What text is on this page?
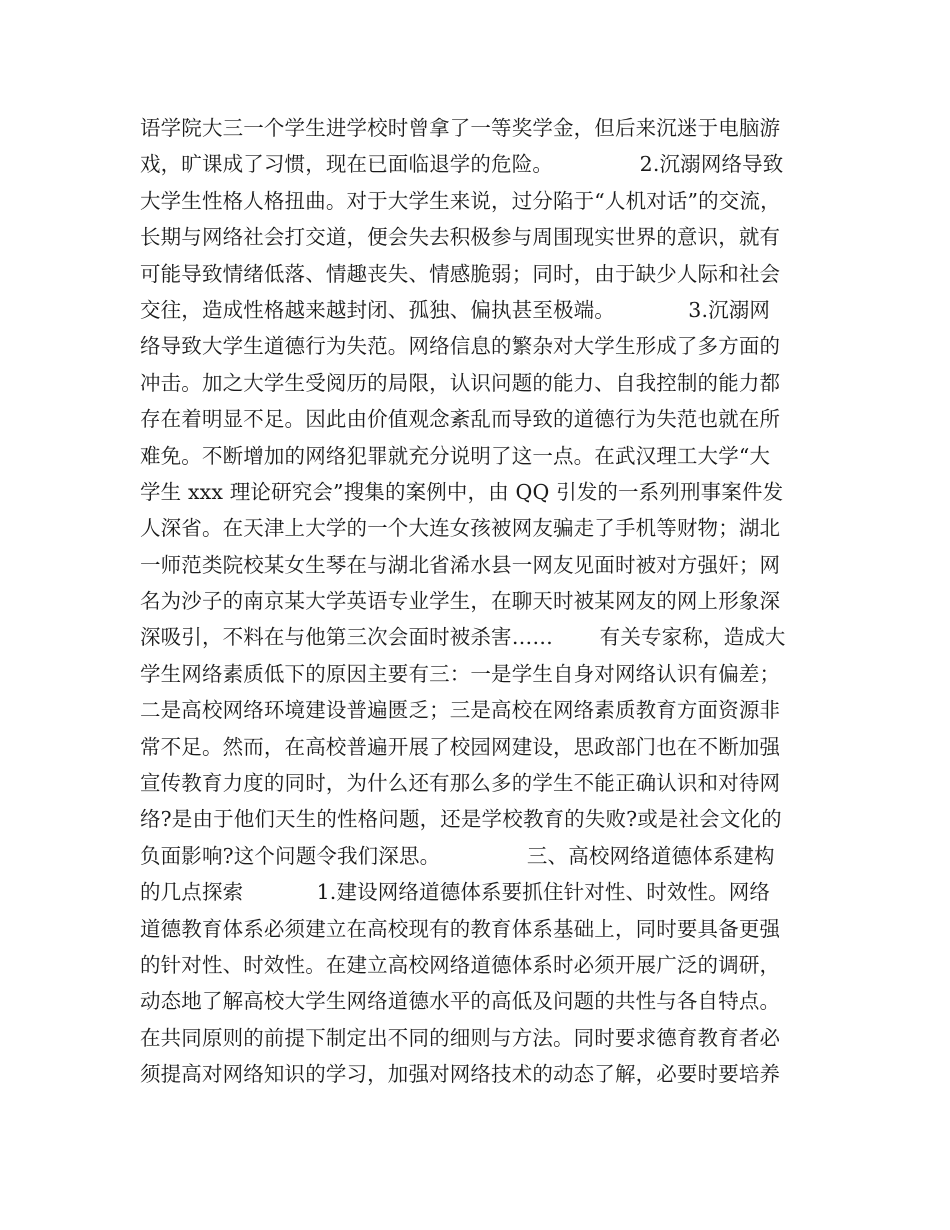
语学院大三一个学生进学校时曾拿了一等奖学金，但后来沉迷于电脑游
戏，旷课成了习惯，现在已面临退学的危险。             2.沉溺网络导致
大学生性格人格扭曲。对于大学生来说，过分陷于“人机对话”的交流，
长期与网络社会打交道，便会失去积极参与周围现实世界的意识，就有
可能导致情绪低落、情趣丧失、情感脆弱；同时，由于缺少人际和社会
交往，造成性格越来越封闭、孤独、偏执甚至极端。           3.沉溺网
络导致大学生道德行为失范。网络信息的繁杂对大学生形成了多方面的
冲击。加之大学生受阅历的局限，认识问题的能力、自我控制的能力都
存在着明显不足。因此由价值观念紊乱而导致的道德行为失范也就在所
难免。不断增加的网络犯罪就充分说明了这一点。在武汉理工大学“大
学生 xxx 理论研究会”搜集的案例中，由 QQ 引发的一系列刑事案件发
人深省。在天津上大学的一个大连女孩被网友骗走了手机等财物；湖北
一师范类院校某女生琴在与湖北省浠水县一网友见面时被对方强奸；网
名为沙子的南京某大学英语专业学生，在聊天时被某网友的网上形象深
深吸引，不料在与他第三次会面时被杀害……       有关专家称，造成大
学生网络素质低下的原因主要有三：一是学生自身对网络认识有偏差；
二是高校网络环境建设普遍匮乏；三是高校在网络素质教育方面资源非
常不足。然而，在高校普遍开展了校园网建设，思政部门也在不断加强
宣传教育力度的同时，为什么还有那么多的学生不能正确认识和对待网
络?是由于他们天生的性格问题，还是学校教育的失败?或是社会文化的
负面影响?这个问题令我们深思。             三、高校网络道德体系建构
的几点探索           1.建设网络道德体系要抓住针对性、时效性。网络
道德教育体系必须建立在高校现有的教育体系基础上，同时要具备更强
的针对性、时效性。在建立高校网络道德体系时必须开展广泛的调研，
动态地了解高校大学生网络道德水平的高低及问题的共性与各自特点。
在共同原则的前提下制定出不同的细则与方法。同时要求德育教育者必
须提高对网络知识的学习，加强对网络技术的动态了解，必要时要培养
